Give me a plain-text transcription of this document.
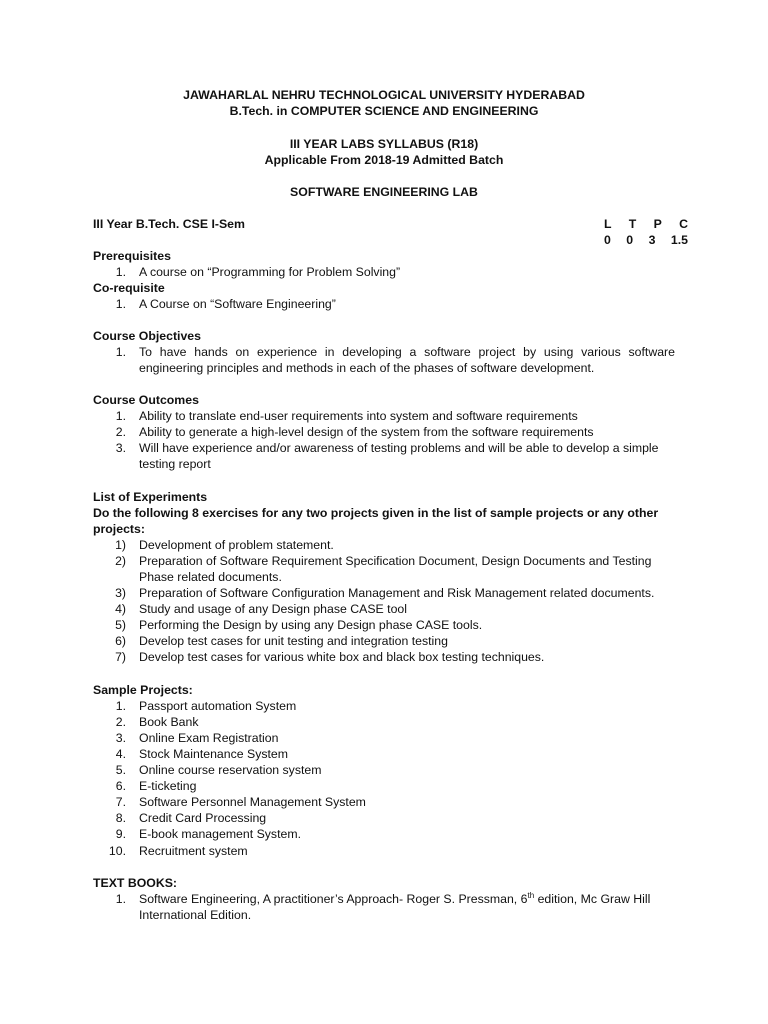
JAWAHARLAL NEHRU TECHNOLOGICAL UNIVERSITY HYDERABAD
B.Tech. in COMPUTER SCIENCE AND ENGINEERING
III YEAR LABS SYLLABUS (R18)
Applicable From 2018-19 Admitted Batch
SOFTWARE ENGINEERING LAB
III Year B.Tech. CSE I-Sem	L T P C
0 0 3 1.5
Prerequisites
1. A course on “Programming for Problem Solving”
Co-requisite
1. A Course on “Software Engineering”
Course Objectives
1. To have hands on experience in developing a software project by using various software engineering principles and methods in each of the phases of software development.
Course Outcomes
1. Ability to translate end-user requirements into system and software requirements
2. Ability to generate a high-level design of the system from the software requirements
3. Will have experience and/or awareness of testing problems and will be able to develop a simple testing report
List of Experiments
Do the following 8 exercises for any two projects given in the list of sample projects or any other projects:
1) Development of problem statement.
2) Preparation of Software Requirement Specification Document, Design Documents and Testing Phase related documents.
3) Preparation of Software Configuration Management and Risk Management related documents.
4) Study and usage of any Design phase CASE tool
5) Performing the Design by using any Design phase CASE tools.
6) Develop test cases for unit testing and integration testing
7) Develop test cases for various white box and black box testing techniques.
Sample Projects:
1. Passport automation System
2. Book Bank
3. Online Exam Registration
4. Stock Maintenance System
5. Online course reservation system
6. E-ticketing
7. Software Personnel Management System
8. Credit Card Processing
9. E-book management System.
10. Recruitment system
TEXT BOOKS:
1. Software Engineering, A practitioner’s Approach- Roger S. Pressman, 6th edition, Mc Graw Hill International Edition.
